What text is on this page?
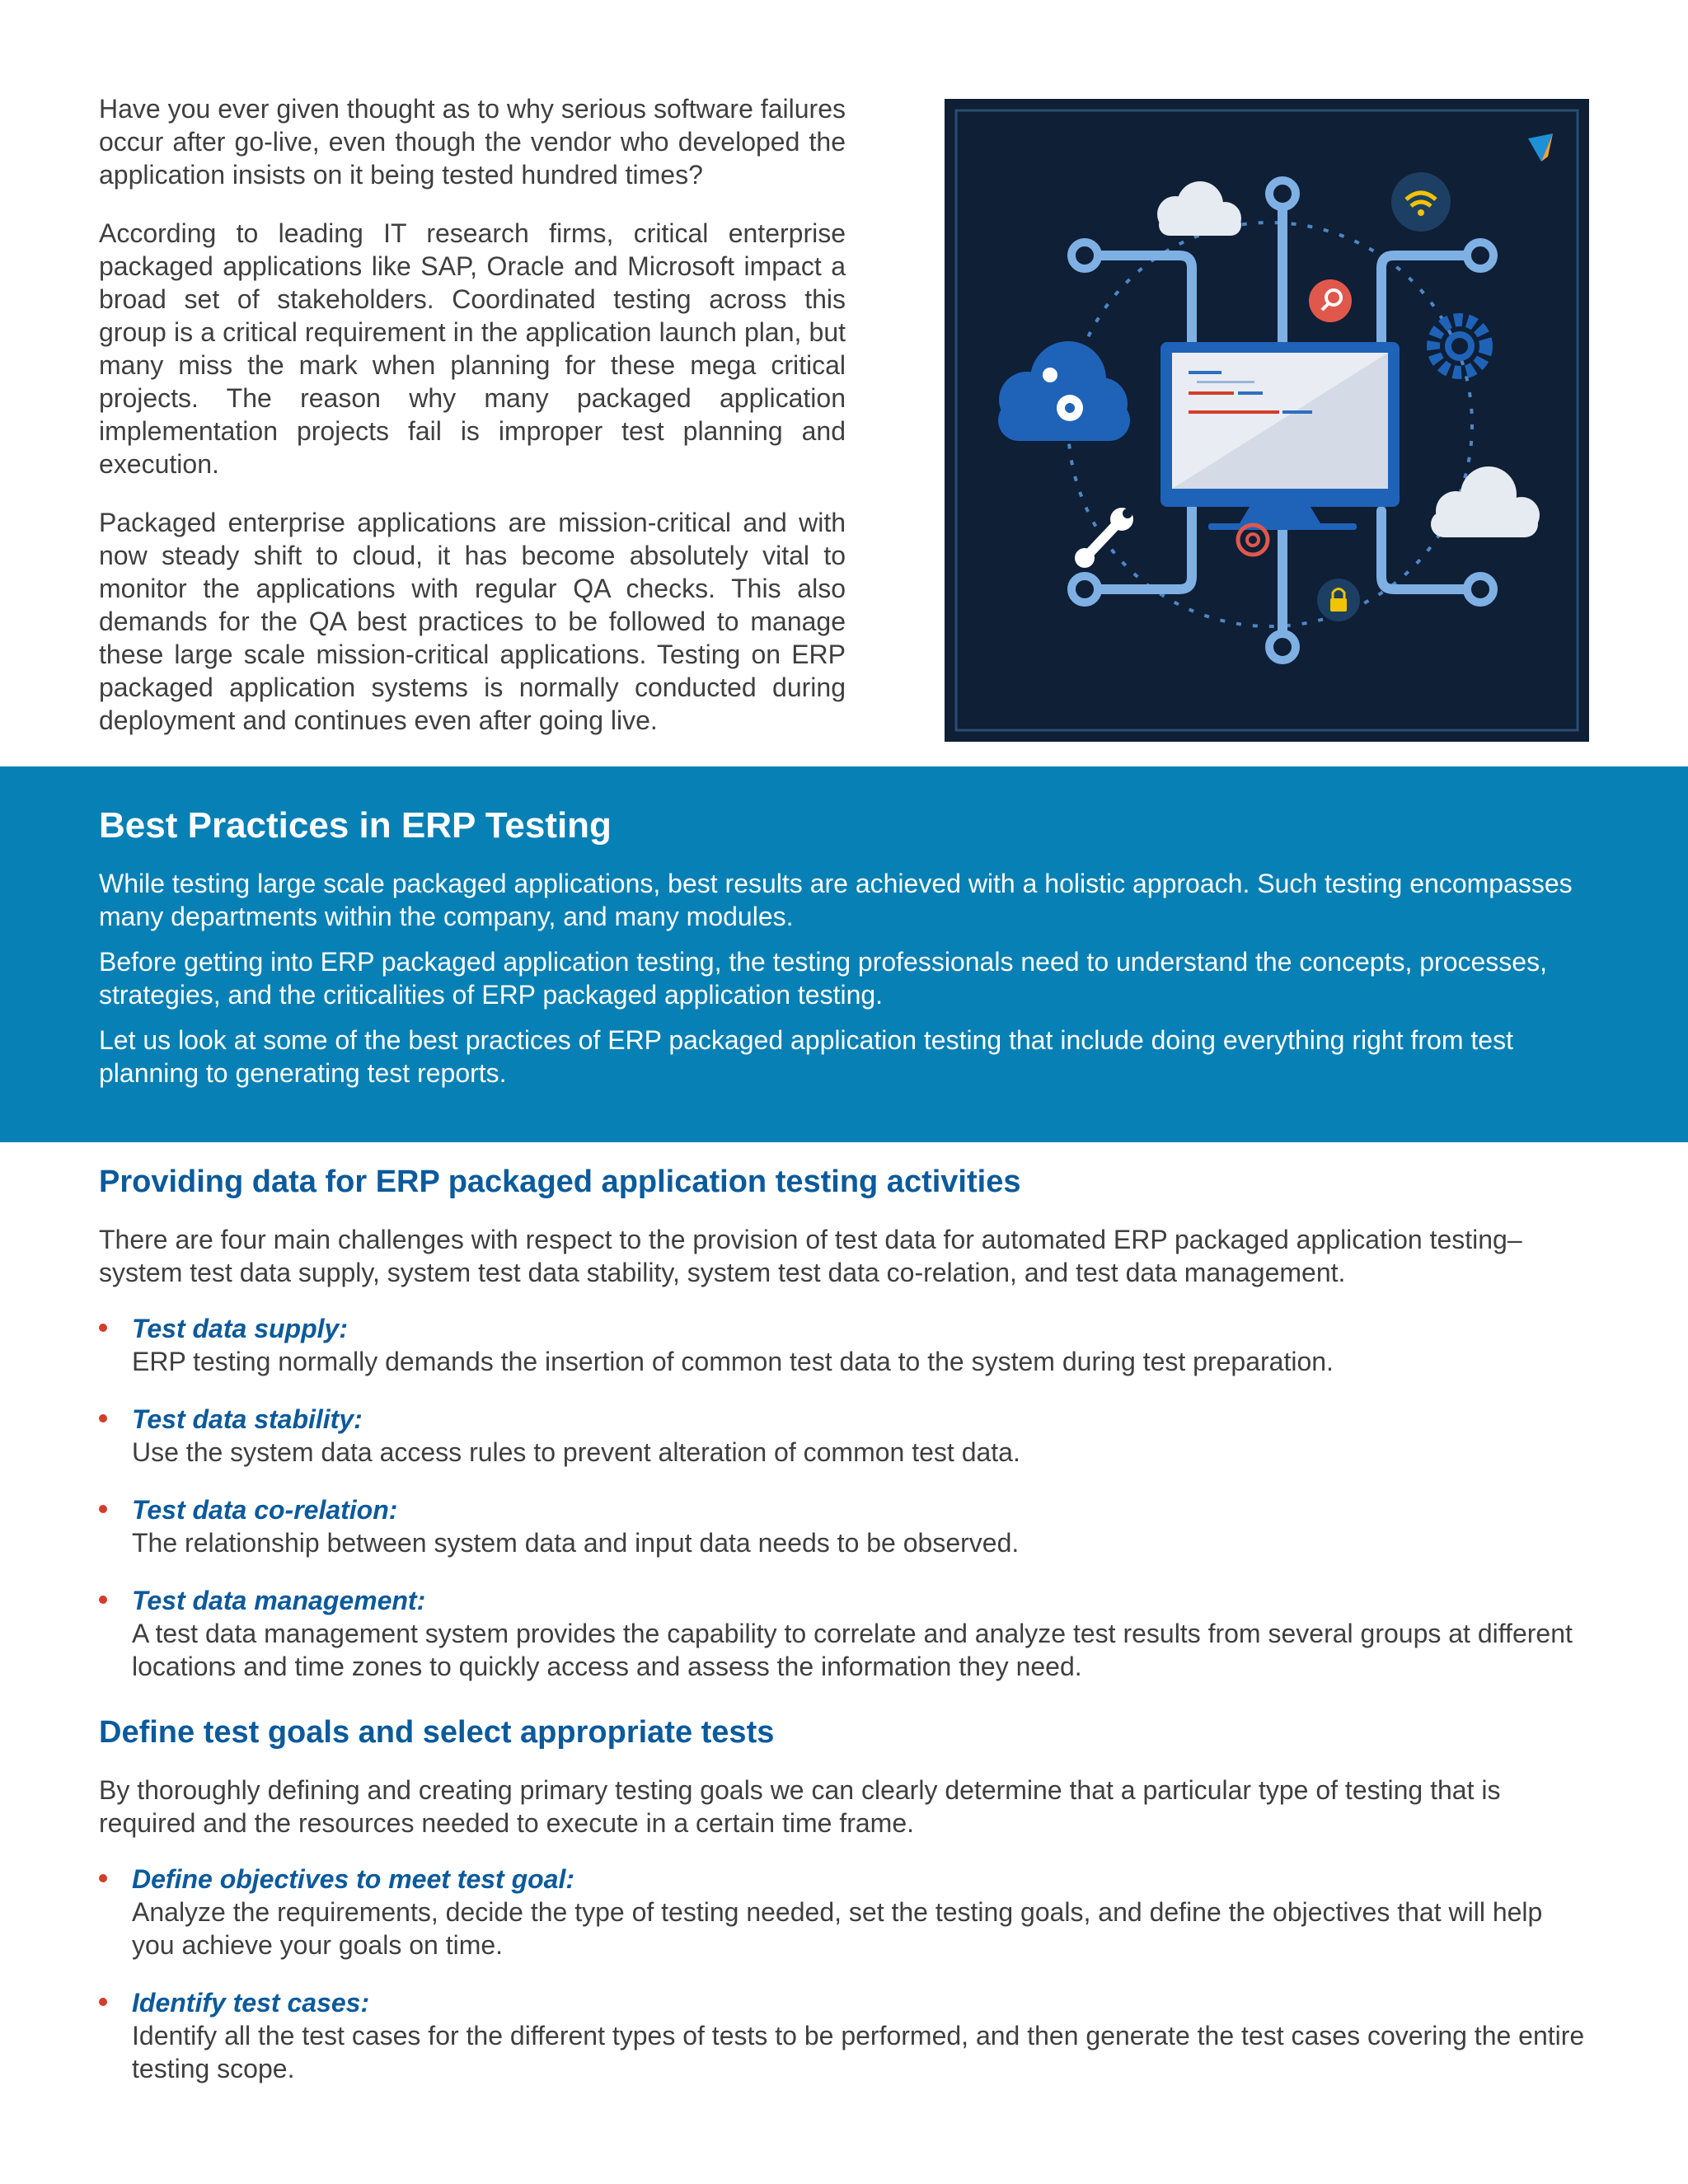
Have you ever given thought as to why serious software failures occur after go-live, even though the vendor who developed the application insists on it being tested hundred times?

According to leading IT research firms, critical enterprise packaged applications like SAP, Oracle and Microsoft impact a broad set of stakeholders. Coordinated testing across this group is a critical requirement in the application launch plan, but many miss the mark when planning for these mega critical projects. The reason why many packaged application implementation projects fail is improper test planning and execution.

Packaged enterprise applications are mission-critical and with now steady shift to cloud, it has become absolutely vital to monitor the applications with regular QA checks. This also demands for the QA best practices to be followed to manage these large scale mission-critical applications. Testing on ERP packaged application systems is normally conducted during deployment and continues even after going live.

Best Practices in ERP Testing

While testing large scale packaged applications, best results are achieved with a holistic approach. Such testing encompasses many departments within the company, and many modules.

Before getting into ERP packaged application testing, the testing professionals need to understand the concepts, processes, strategies, and the criticalities of ERP packaged application testing.

Let us look at some of the best practices of ERP packaged application testing that include doing everything right from test planning to generating test reports.

Providing data for ERP packaged application testing activities

There are four main challenges with respect to the provision of test data for automated ERP packaged application testing– system test data supply, system test data stability, system test data co-relation, and test data management.

Test data supply:
ERP testing normally demands the insertion of common test data to the system during test preparation.
Test data stability:
Use the system data access rules to prevent alteration of common test data.
Test data co-relation:
The relationship between system data and input data needs to be observed.
Test data management:
A test data management system provides the capability to correlate and analyze test results from several groups at different locations and time zones to quickly access and assess the information they need.
Define test goals and select appropriate tests

By thoroughly defining and creating primary testing goals we can clearly determine that a particular type of testing that is required and the resources needed to execute in a certain time frame.

Define objectives to meet test goal:
Analyze the requirements, decide the type of testing needed, set the testing goals, and define the objectives that will help you achieve your goals on time.
Identify test cases:
Identify all the test cases for the different types of tests to be performed, and then generate the test cases covering the entire testing scope.
